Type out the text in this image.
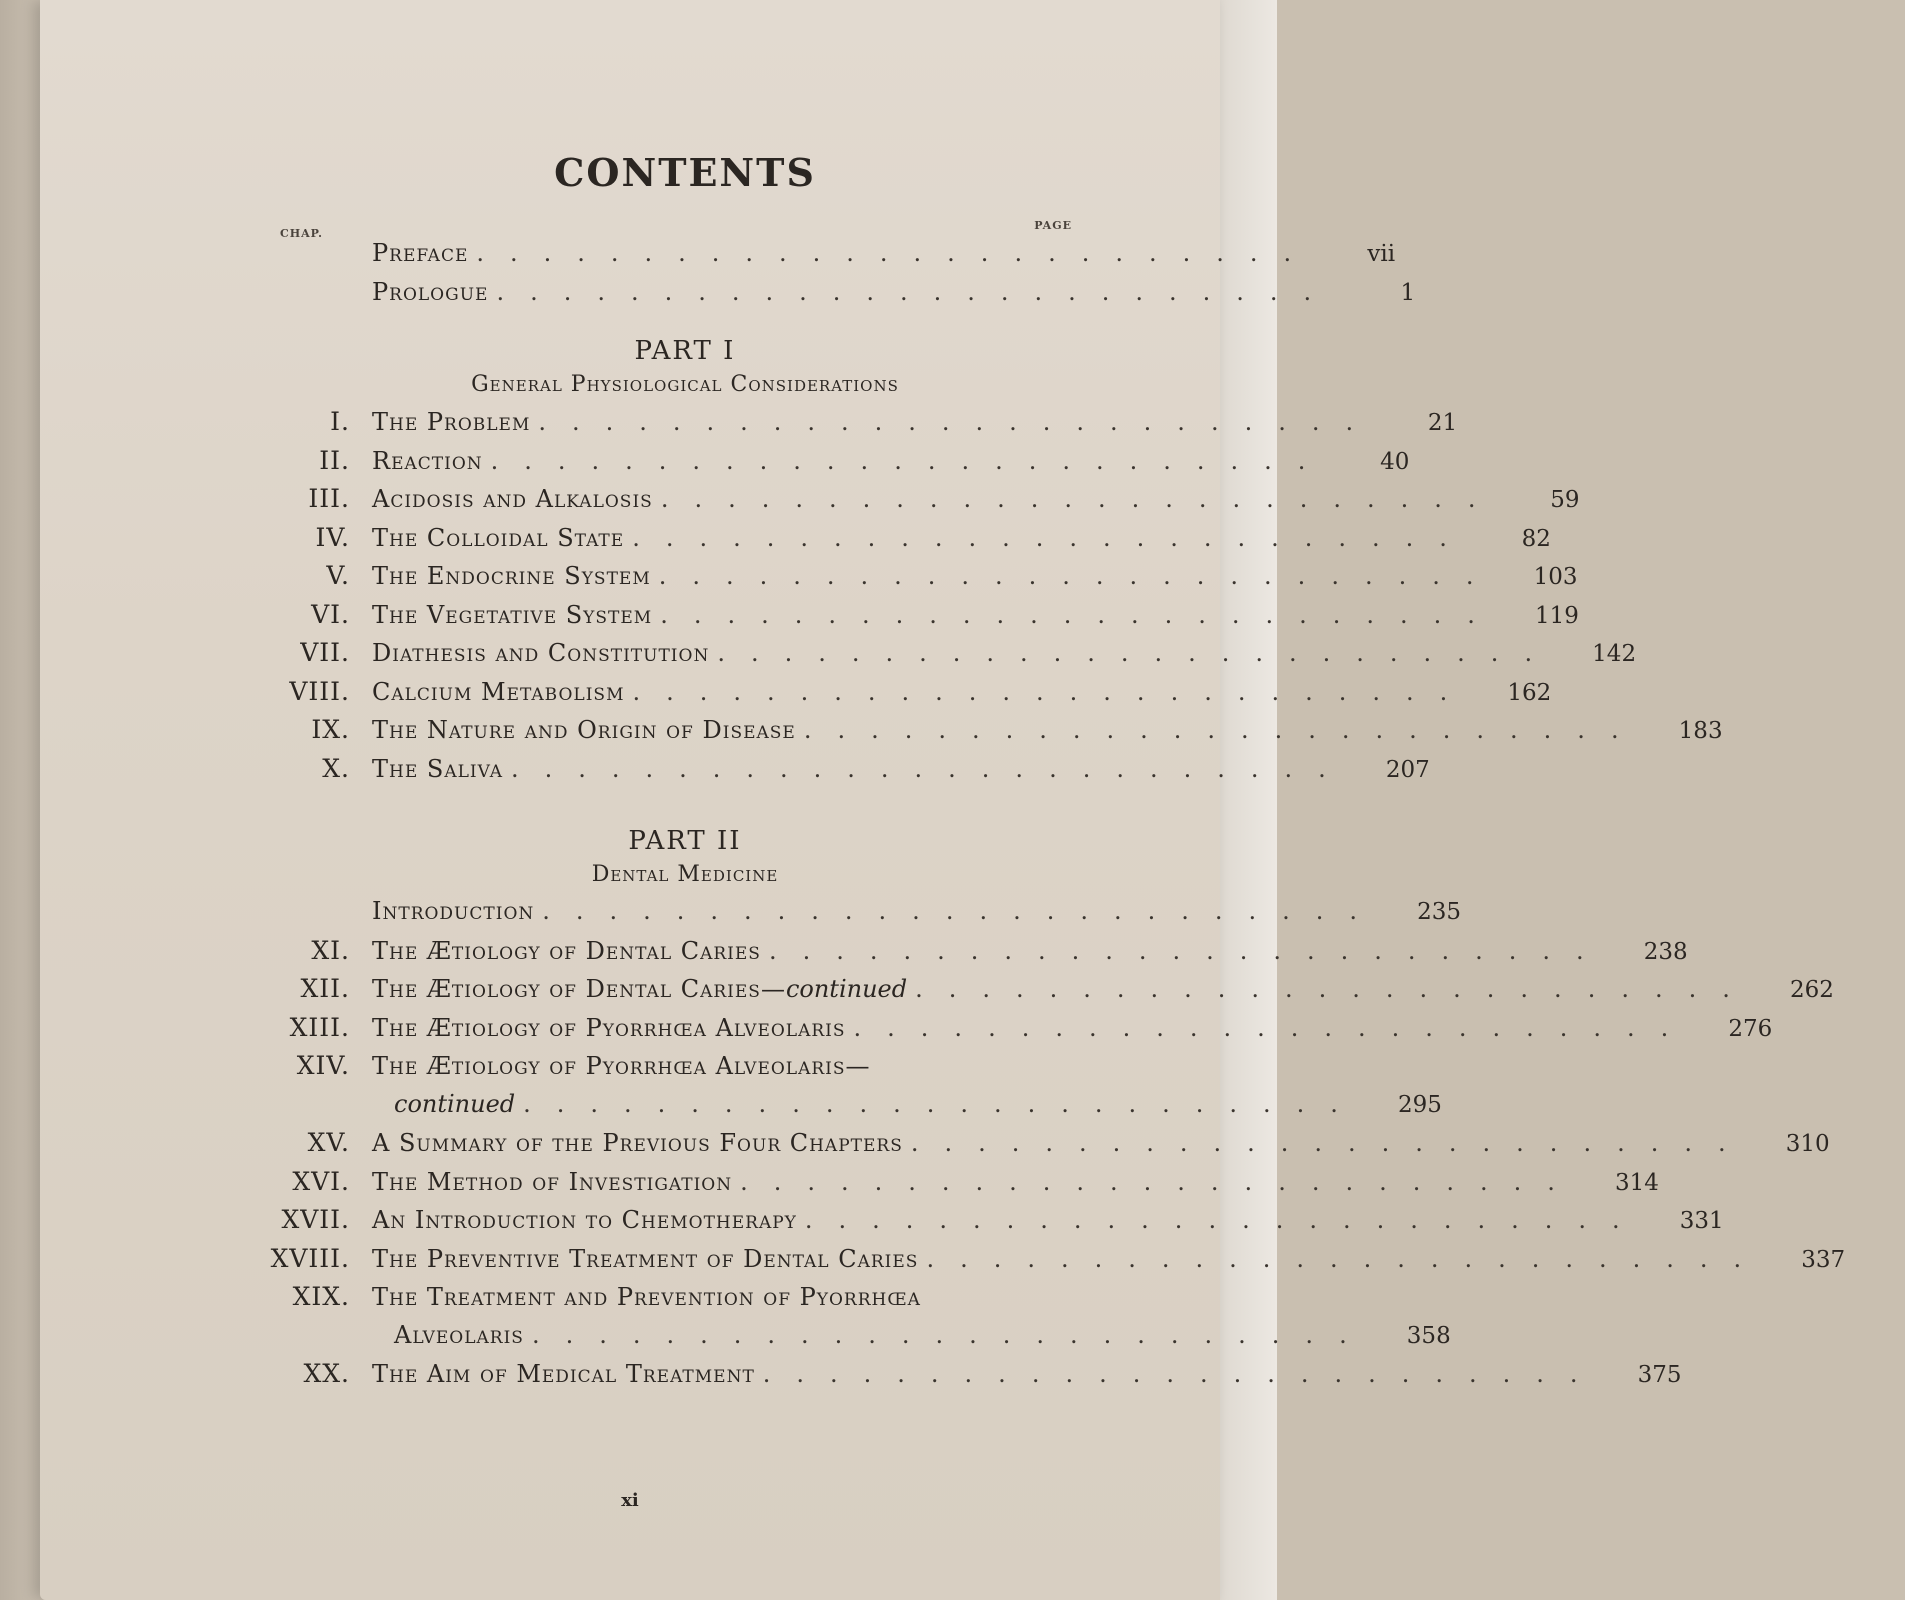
CONTENTS
CHAP.
PAGE
Preface .........................	vii
Prologue .........................	1
PART I
General Physiological Considerations
I. The Problem .........................	21
II. Reaction .........................	40
III. Acidosis and Alkalosis .........................	59
IV. The Colloidal State .........................	82
V. The Endocrine System .........................	103
VI. The Vegetative System .........................	119
VII. Diathesis and Constitution .........................	142
VIII. Calcium Metabolism .........................	162
IX. The Nature and Origin of Disease .........................	183
X. The Saliva .........................	207
PART II
Dental Medicine
Introduction .........................	235
XI. The Ætiology of Dental Caries .........................	238
XII. The Ætiology of Dental Caries—continued .........................	262
XIII. The Ætiology of Pyorrhœa Alveolaris .........................	276
XIV. The Ætiology of Pyorrhœa Alveolaris—
continued .........................	295
XV. A Summary of the Previous Four Chapters .........................	310
XVI. The Method of Investigation .........................	314
XVII. An Introduction to Chemotherapy .........................	331
XVIII. The Preventive Treatment of Dental Caries .........................	337
XIX. The Treatment and Prevention of Pyorrhœa
Alveolaris .........................	358
XX. The Aim of Medical Treatment .........................	375
xi
